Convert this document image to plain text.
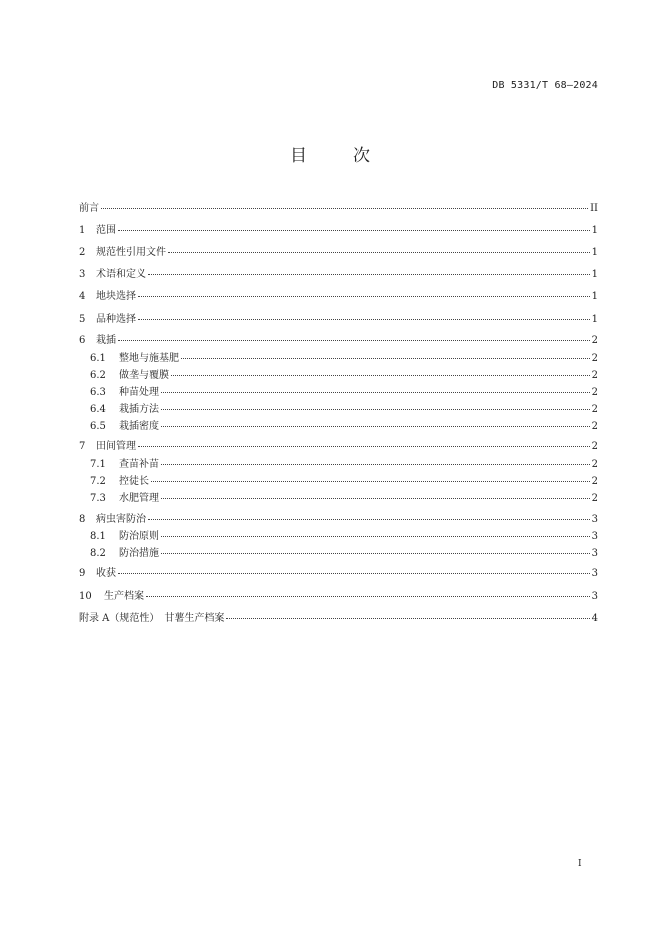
DB 5331/T 68—2024
目	次
前言	II
1	范围	1
2	规范性引用文件	1
3	术语和定义	1
4	地块选择	1
5	品种选择	1
6	栽插	2
6.1	整地与施基肥	2
6.2	做垄与覆膜	2
6.3	种苗处理	2
6.4	栽插方法	2
6.5	栽插密度	2
7	田间管理	2
7.1	查苗补苗	2
7.2	控徒长	2
7.3	水肥管理	2
8	病虫害防治	3
8.1	防治原则	3
8.2	防治措施	3
9	收获	3
10	生产档案	3
附录 A（规范性）　甘薯生产档案	4
I
